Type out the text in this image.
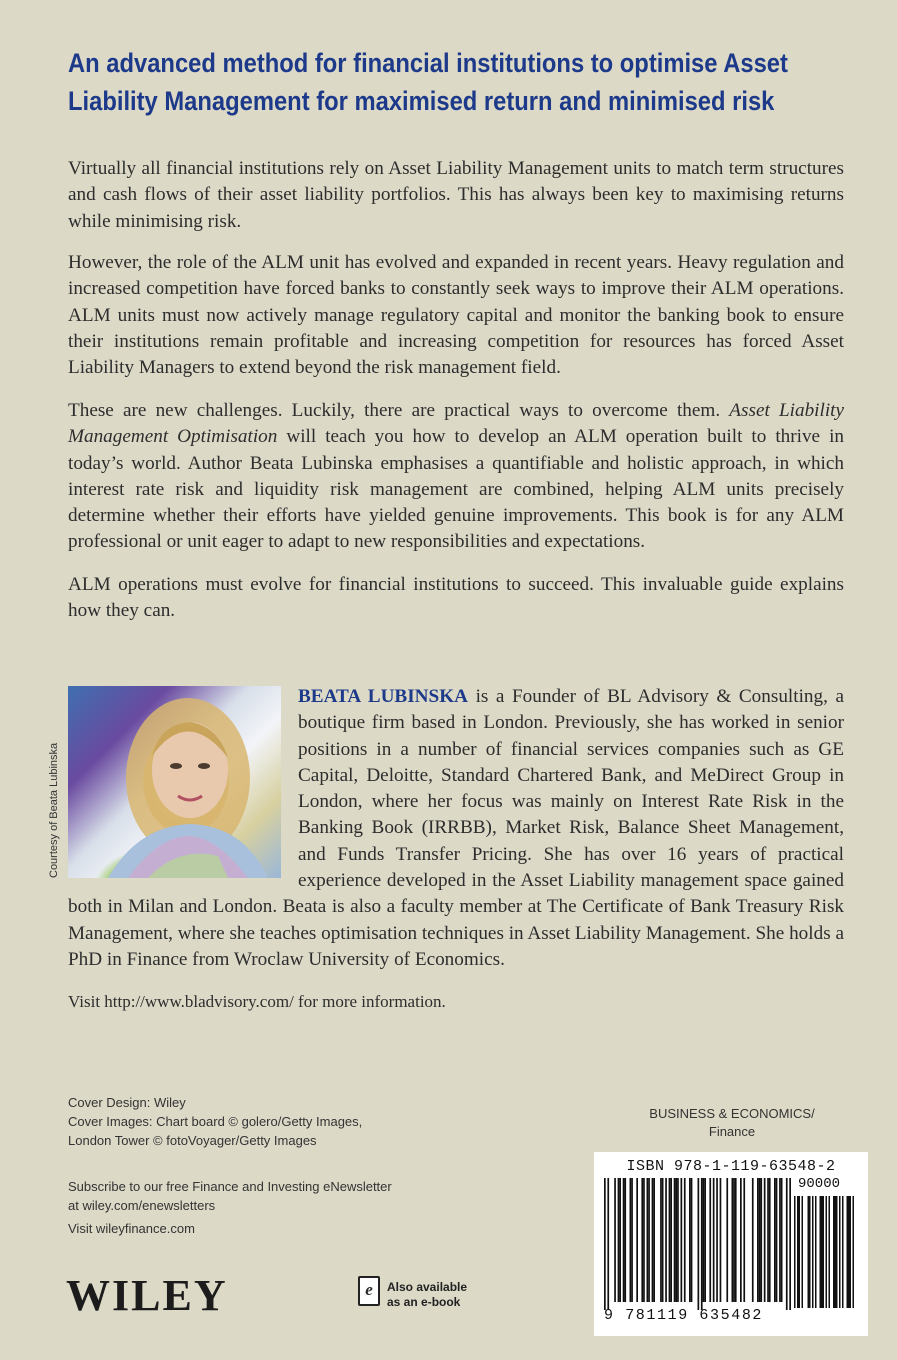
An advanced method for financial institutions to optimise Asset Liability Management for maximised return and minimised risk

Virtually all financial institutions rely on Asset Liability Management units to match term structures and cash flows of their asset liability portfolios. This has always been key to maximising returns while minimising risk.

However, the role of the ALM unit has evolved and expanded in recent years. Heavy regulation and increased competition have forced banks to constantly seek ways to improve their ALM operations. ALM units must now actively manage regulatory capital and monitor the banking book to ensure their institutions remain profitable and increasing competition for resources has forced Asset Liability Managers to extend beyond the risk management field.

These are new challenges. Luckily, there are practical ways to overcome them. Asset Liability Management Optimisation will teach you how to develop an ALM operation built to thrive in today’s world. Author Beata Lubinska emphasises a quantifiable and holistic approach, in which interest rate risk and liquidity risk management are combined, helping ALM units precisely determine whether their efforts have yielded genuine improvements. This book is for any ALM professional or unit eager to adapt to new responsibilities and expectations.

ALM operations must evolve for financial institutions to succeed. This invaluable guide explains how they can.

BEATA LUBINSKA is a Founder of BL Advisory & Consulting, a boutique firm based in London. Previously, she has worked in senior positions in a number of financial services companies such as GE Capital, Deloitte, Standard Chartered Bank, and MeDirect Group in London, where her focus was mainly on Interest Rate Risk in the Banking Book (IRRBB), Market Risk, Balance Sheet Management, and Funds Transfer Pricing. She has over 16 years of practical experience developed in the Asset Liability management space gained both in Milan and London. Beata is also a faculty member at The Certificate of Bank Treasury Risk Management, where she teaches optimisation techniques in Asset Liability Management. She holds a PhD in Finance from Wroclaw University of Economics.
Courtesy of Beata Lubinska
Visit http://www.bladvisory.com/ for more information.
Cover Design: Wiley
Cover Images: Chart board © golero/Getty Images,
London Tower © fotoVoyager/Getty Images
Subscribe to our free Finance and Investing eNewsletter
at wiley.com/enewsletters
Visit wileyfinance.com
WILEY	e	Also available
as an e-book
BUSINESS & ECONOMICS/
Finance
ISBN 978-1-119-63548-2
90000
9 781119 635482
